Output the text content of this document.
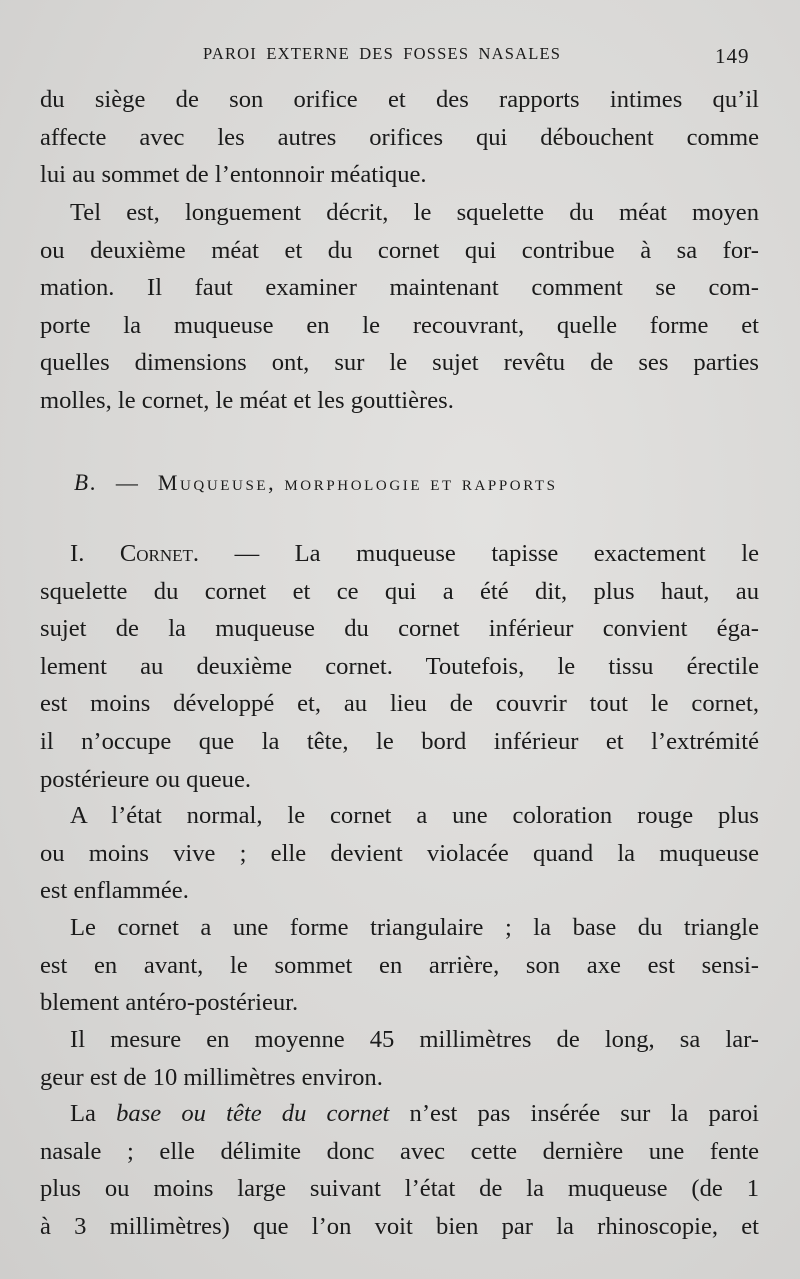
PAROI EXTERNE DES FOSSES NASALES	149
du siège de son orifice et des rapports intimes qu’il
affecte avec les autres orifices qui débouchent comme
lui au sommet de l’entonnoir méatique.
Tel est, longuement décrit, le squelette du méat moyen
ou deuxième méat et du cornet qui contribue à sa for-
mation. Il faut examiner maintenant comment se com-
porte la muqueuse en le recouvrant, quelle forme et
quelles dimensions ont, sur le sujet revêtu de ses parties
molles, le cornet, le méat et les gouttières.
B. — Muqueuse, morphologie et rapports
I. Cornet. — La muqueuse tapisse exactement le
squelette du cornet et ce qui a été dit, plus haut, au
sujet de la muqueuse du cornet inférieur convient éga-
lement au deuxième cornet. Toutefois, le tissu érectile
est moins développé et, au lieu de couvrir tout le cornet,
il n’occupe que la tête, le bord inférieur et l’extrémité
postérieure ou queue.
A l’état normal, le cornet a une coloration rouge plus
ou moins vive ; elle devient violacée quand la muqueuse
est enflammée.
Le cornet a une forme triangulaire ; la base du triangle
est en avant, le sommet en arrière, son axe est sensi-
blement antéro-postérieur.
Il mesure en moyenne 45 millimètres de long, sa lar-
geur est de 10 millimètres environ.
La base ou tête du cornet n’est pas insérée sur la paroi
nasale ; elle délimite donc avec cette dernière une fente
plus ou moins large suivant l’état de la muqueuse (de 1
à 3 millimètres) que l’on voit bien par la rhinoscopie, et
